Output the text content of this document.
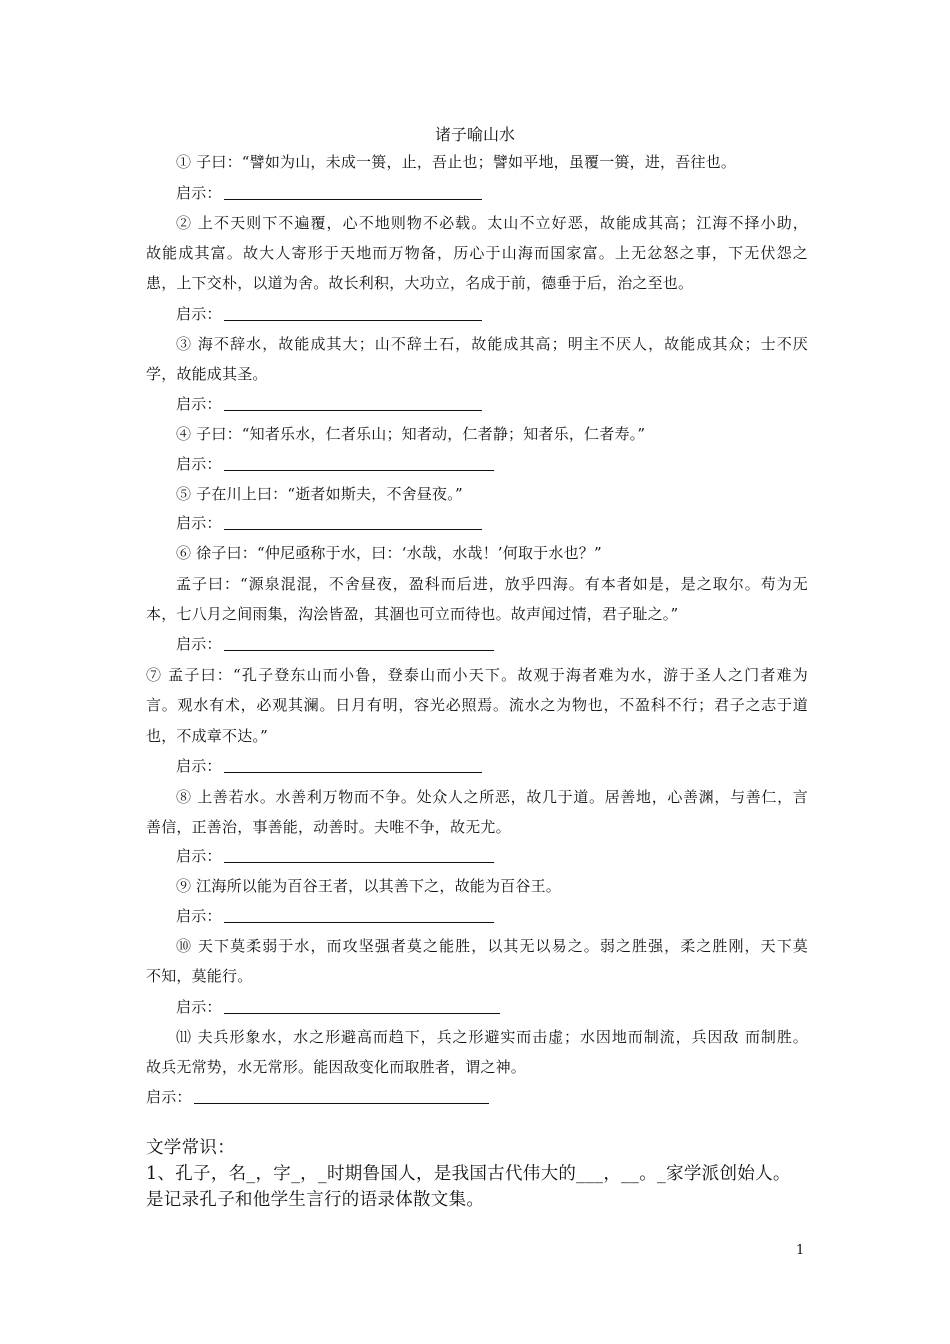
诸子喻山水
① 子曰：“譬如为山，未成一篑，止，吾止也；譬如平地，虽覆一篑，进，吾往也。
启示：
② 上不天则下不遍覆，心不地则物不必载。太山不立好恶，故能成其高；江海不择小助，
故能成其富。故大人寄形于天地而万物备，历心于山海而国家富。上无忿怒之事，下无伏怨之
患，上下交朴，以道为舍。故长利积，大功立，名成于前，德垂于后，治之至也。
启示：
③ 海不辞水，故能成其大；山不辞土石，故能成其高；明主不厌人，故能成其众；士不厌
学，故能成其圣。
启示：
④ 子曰：“知者乐水，仁者乐山；知者动，仁者静；知者乐，仁者寿。”
启示：
⑤ 子在川上曰：“逝者如斯夫，不舍昼夜。”
启示：
⑥ 徐子曰：“仲尼亟称于水，曰：‘水哉，水哉！’何取于水也？”
孟子曰：“源泉混混，不舍昼夜，盈科而后进，放乎四海。有本者如是，是之取尔。苟为无
本，七八月之间雨集，沟浍皆盈，其涸也可立而待也。故声闻过情，君子耻之。”
启示：
⑦ 孟子曰：“孔子登东山而小鲁，登泰山而小天下。故观于海者难为水，游于圣人之门者难为
言。观水有术，必观其澜。日月有明，容光必照焉。流水之为物也，不盈科不行；君子之志于道
也，不成章不达。”
启示：
⑧ 上善若水。水善利万物而不争。处众人之所恶，故几于道。居善地，心善渊，与善仁，言
善信，正善治，事善能，动善时。夫唯不争，故无尤。
启示：
⑨ 江海所以能为百谷王者，以其善下之，故能为百谷王。
启示：
⑩ 天下莫柔弱于水，而攻坚强者莫之能胜，以其无以易之。弱之胜强，柔之胜刚，天下莫
不知，莫能行。
启示：
⑾ 夫兵形象水，水之形避高而趋下，兵之形避实而击虚；水因地而制流，兵因敌 而制胜。
故兵无常势，水无常形。能因敌变化而取胜者，谓之神。
启示：
文学常识：
1、孔子，名_，字_，_时期鲁国人，是我国古代伟大的___，__。_家学派创始人。
是记录孔子和他学生言行的语录体散文集。
1
